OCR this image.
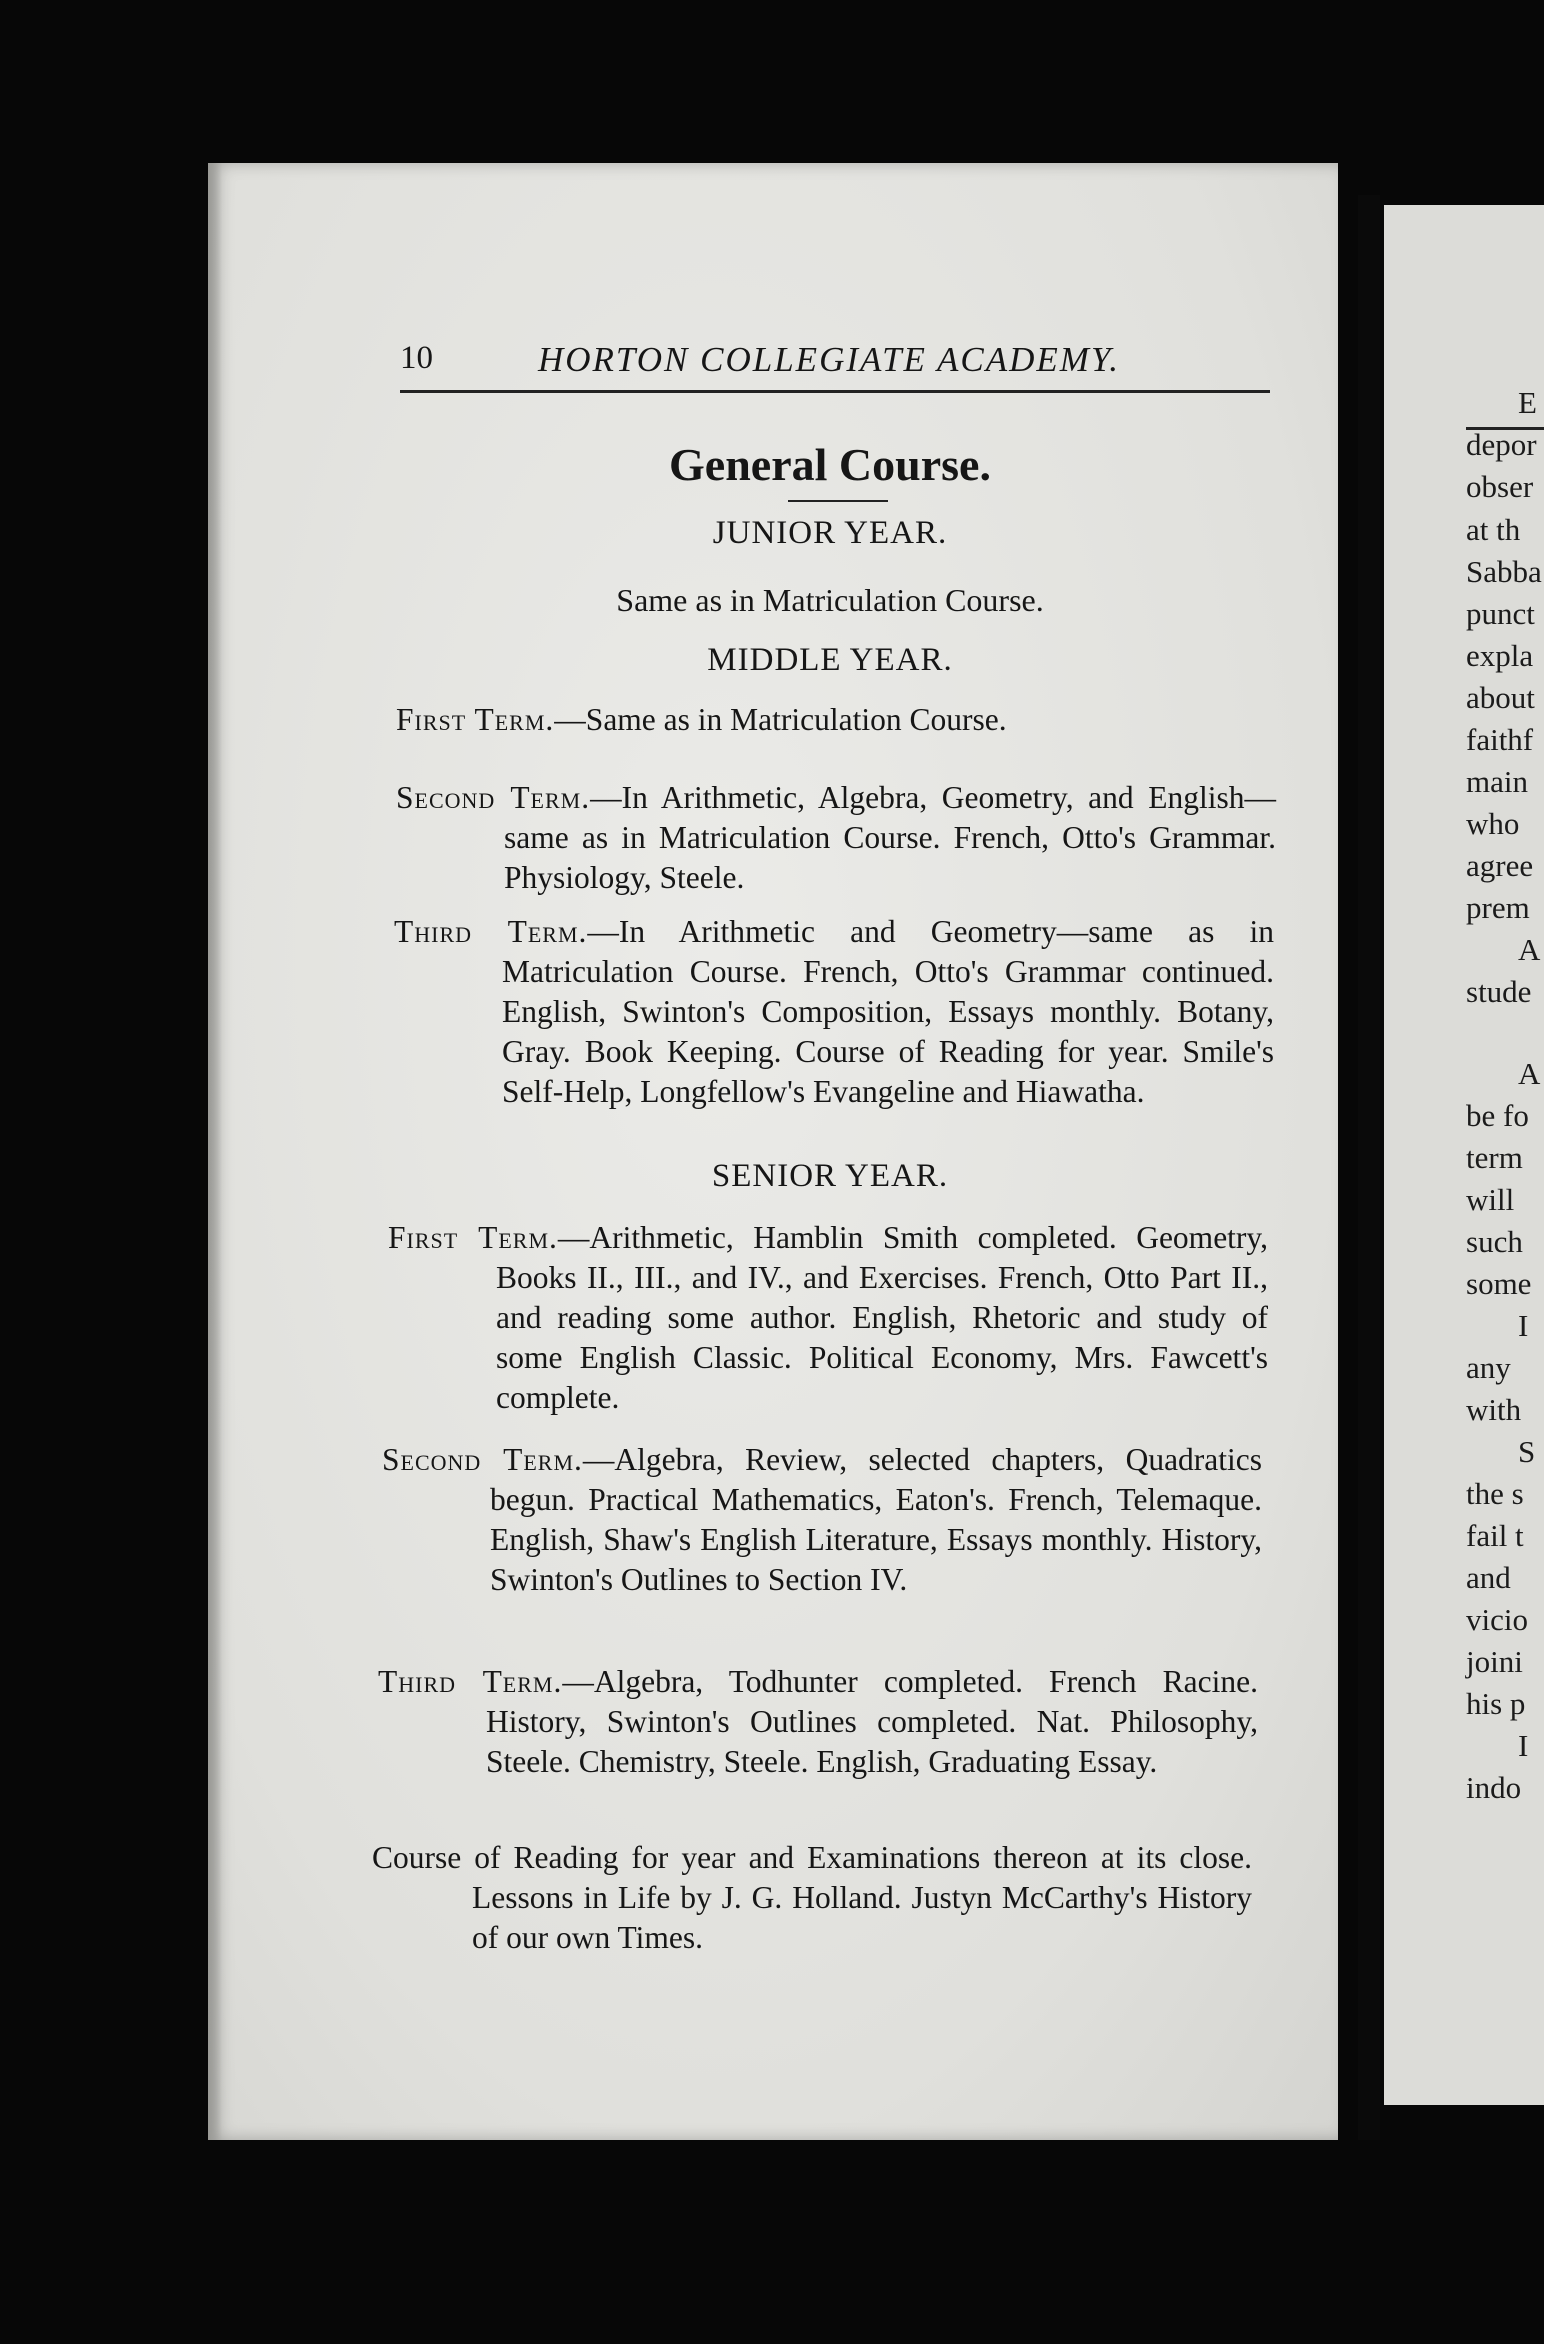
10	HORTON COLLEGIATE ACADEMY.
General Course.
JUNIOR YEAR.
Same as in Matriculation Course.
MIDDLE YEAR.
First Term.—Same as in Matriculation Course.
Second Term.—In Arithmetic, Algebra, Geometry, and English—same as in Matriculation Course. French, Otto's Grammar. Physiology, Steele.
Third Term.—In Arithmetic and Geometry—same as in Matriculation Course. French, Otto's Grammar continued. English, Swinton's Composition, Essays monthly. Botany, Gray. Book Keeping. Course of Reading for year. Smile's Self-Help, Longfellow's Evangeline and Hiawatha.
SENIOR YEAR.
First Term.—Arithmetic, Hamblin Smith completed. Geometry, Books II., III., and IV., and Exercises. French, Otto Part II., and reading some author. English, Rhetoric and study of some English Classic. Political Economy, Mrs. Fawcett's complete.
Second Term.—Algebra, Review, selected chapters, Quadratics begun. Practical Mathematics, Eaton's. French, Telemaque. English, Shaw's English Literature, Essays monthly. History, Swinton's Outlines to Section IV.
Third Term.—Algebra, Todhunter completed. French Racine. History, Swinton's Outlines completed. Nat. Philosophy, Steele. Chemistry, Steele. English, Graduating Essay.
Course of Reading for year and Examinations thereon at its close. Lessons in Life by J. G. Holland. Justyn McCarthy's History of our own Times.
E
depor
obser
at th
Sabba
punct
expla
about
faithf
main
who
agree
prem
A
stude
A
be fo
term
will
such
some
I
any
with
S
the s
fail t
and
vicio
joini
his p
I
indo
